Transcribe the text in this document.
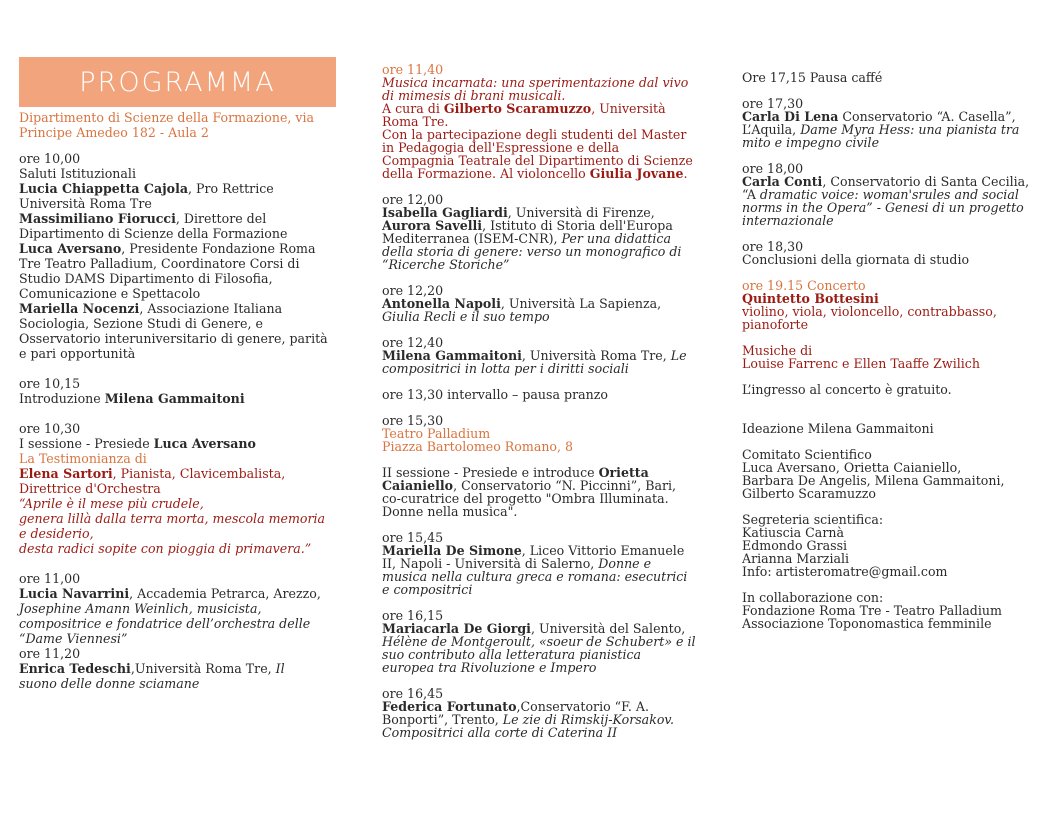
PROGRAMMA
Dipartimento di Scienze della Formazione, via Principe Amedeo 182 - Aula 2
ore 10,00
Saluti Istituzionali
Lucia Chiappetta Cajola, Pro Rettrice Università Roma Tre
Massimiliano Fiorucci, Direttore del Dipartimento di Scienze della Formazione
Luca Aversano, Presidente Fondazione Roma Tre Teatro Palladium, Coordinatore Corsi di Studio DAMS Dipartimento di Filosofia, Comunicazione e Spettacolo
Mariella Nocenzi, Associazione Italiana Sociologia, Sezione Studi di Genere, e Osservatorio interuniversitario di genere, parità e pari opportunità
ore 10,15
Introduzione Milena Gammaitoni
ore 10,30
I sessione - Presiede Luca Aversano
La Testimonianza di
Elena Sartori, Pianista, Clavicembalista, Direttrice d'Orchestra
“Aprile è il mese più crudele,
genera lillà dalla terra morta, mescola memoria e desiderio,
desta radici sopite con pioggia di primavera.”
ore 11,00
Lucia Navarrini, Accademia Petrarca, Arezzo,
Josephine Amann Weinlich, musicista, compositrice e fondatrice dell’orchestra delle “Dame Viennesi”
ore 11,20
Enrica Tedeschi,Università Roma Tre, Il suono delle donne sciamane
ore 11,40
Musica incarnata: una sperimentazione dal vivo di mimesis di brani musicali.
A cura di Gilberto Scaramuzzo, Università Roma Tre.
Con la partecipazione degli studenti del Master in Pedagogia dell'Espressione e della Compagnia Teatrale del Dipartimento di Scienze della Formazione. Al violoncello Giulia Jovane.
ore 12,00
Isabella Gagliardi, Università di Firenze, Aurora Savelli, Istituto di Storia dell'Europa Mediterranea (ISEM-CNR), Per una didattica della storia di genere: verso un monografico di “Ricerche Storiche”
ore 12,20
Antonella Napoli, Università La Sapienza, Giulia Recli e il suo tempo
ore 12,40
Milena Gammaitoni, Università Roma Tre, Le compositrici in lotta per i diritti sociali
ore 13,30 intervallo – pausa pranzo
ore 15,30
Teatro Palladium
Piazza Bartolomeo Romano, 8
II sessione - Presiede e introduce Orietta Caianiello, Conservatorio “N. Piccinni”, Bari, co-curatrice del progetto "Ombra Illuminata. Donne nella musica".
ore 15,45
Mariella De Simone, Liceo Vittorio Emanuele II, Napoli - Università di Salerno, Donne e musica nella cultura greca e romana: esecutrici e compositrici
ore 16,15
Mariacarla De Giorgi, Università del Salento, Hélène de Montgeroult, «soeur de Schubert» e il suo contributo alla letteratura pianistica europea tra Rivoluzione e Impero
ore 16,45
Federica Fortunato,Conservatorio “F. A. Bonporti”, Trento, Le zie di Rimskij-Korsakov. Compositrici alla corte di Caterina II
Ore 17,15 Pausa caffé
ore 17,30
Carla Di Lena Conservatorio “A. Casella”, L’Aquila, Dame Myra Hess: una pianista tra mito e impegno civile
ore 18,00
Carla Conti, Conservatorio di Santa Cecilia, “A dramatic voice: woman'srules and social norms in the Opera” - Genesi di un progetto internazionale
ore 18,30
Conclusioni della giornata di studio
ore 19.15 Concerto
Quintetto Bottesini
violino, viola, violoncello, contrabbasso, pianoforte
Musiche di
Louise Farrenc e Ellen Taaffe Zwilich
L’ingresso al concerto è gratuito.
Ideazione Milena Gammaitoni
Comitato Scientifico
Luca Aversano, Orietta Caianiello, Barbara De Angelis, Milena Gammaitoni, Gilberto Scaramuzzo
Segreteria scientifica:
Katiuscia Carnà
Edmondo Grassi
Arianna Marziali
Info: artisteromatre@gmail.com
In collaborazione con:
Fondazione Roma Tre - Teatro Palladium
Associazione Toponomastica femminile
